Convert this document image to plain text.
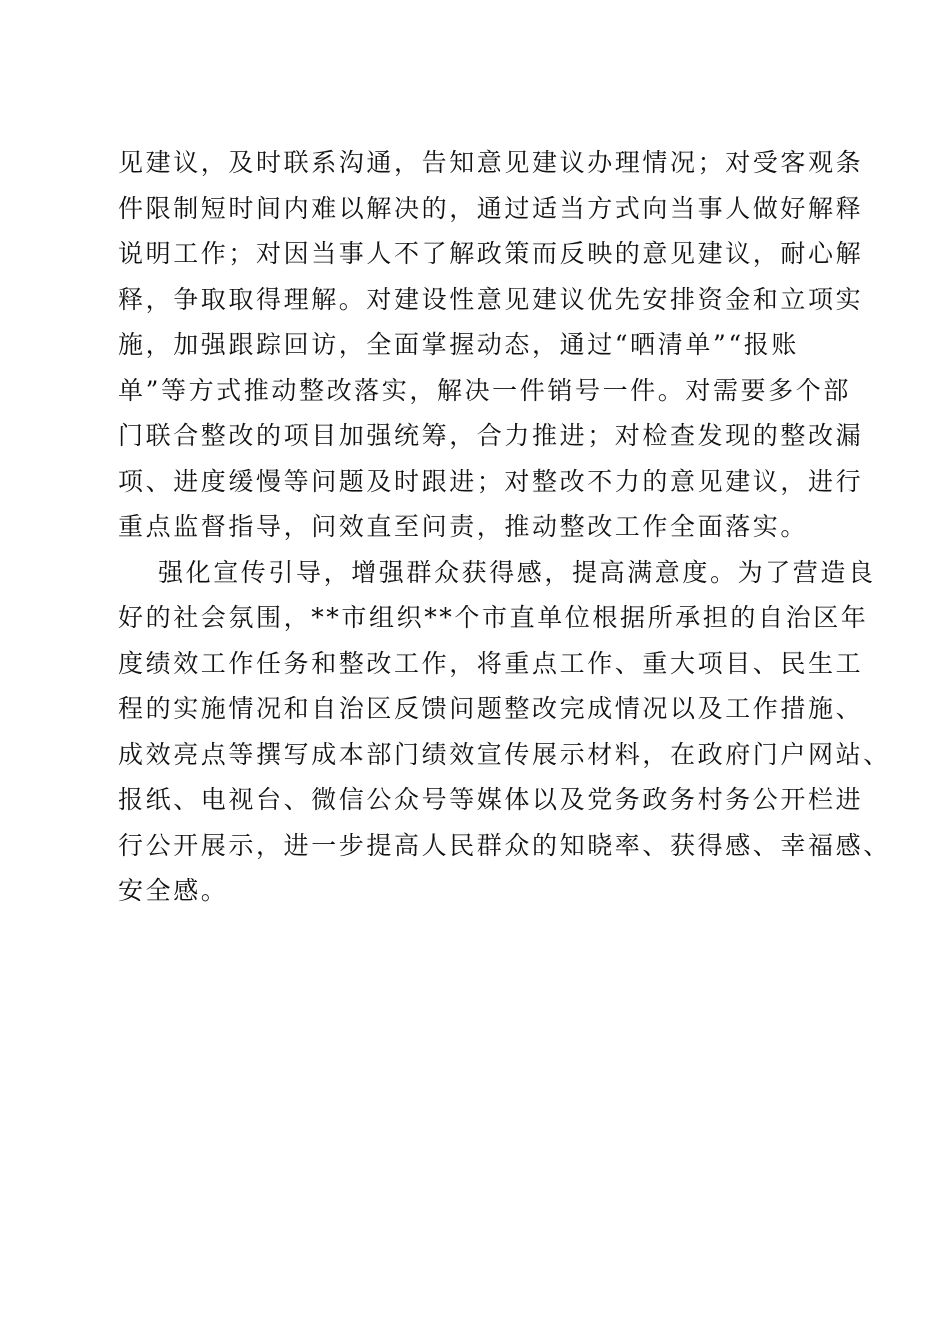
见建议，及时联系沟通，告知意见建议办理情况；对受客观条
件限制短时间内难以解决的，通过适当方式向当事人做好解释
说明工作；对因当事人不了解政策而反映的意见建议，耐心解
释，争取取得理解。对建设性意见建议优先安排资金和立项实
施，加强跟踪回访，全面掌握动态，通过“晒清单”“报账
单”等方式推动整改落实，解决一件销号一件。对需要多个部
门联合整改的项目加强统筹，合力推进；对检查发现的整改漏
项、进度缓慢等问题及时跟进；对整改不力的意见建议，进行
重点监督指导，问效直至问责，推动整改工作全面落实。
强化宣传引导，增强群众获得感，提高满意度。为了营造良
好的社会氛围，**市组织**个市直单位根据所承担的自治区年
度绩效工作任务和整改工作，将重点工作、重大项目、民生工
程的实施情况和自治区反馈问题整改完成情况以及工作措施、
成效亮点等撰写成本部门绩效宣传展示材料，在政府门户网站、
报纸、电视台、微信公众号等媒体以及党务政务村务公开栏进
行公开展示，进一步提高人民群众的知晓率、获得感、幸福感、
安全感。
